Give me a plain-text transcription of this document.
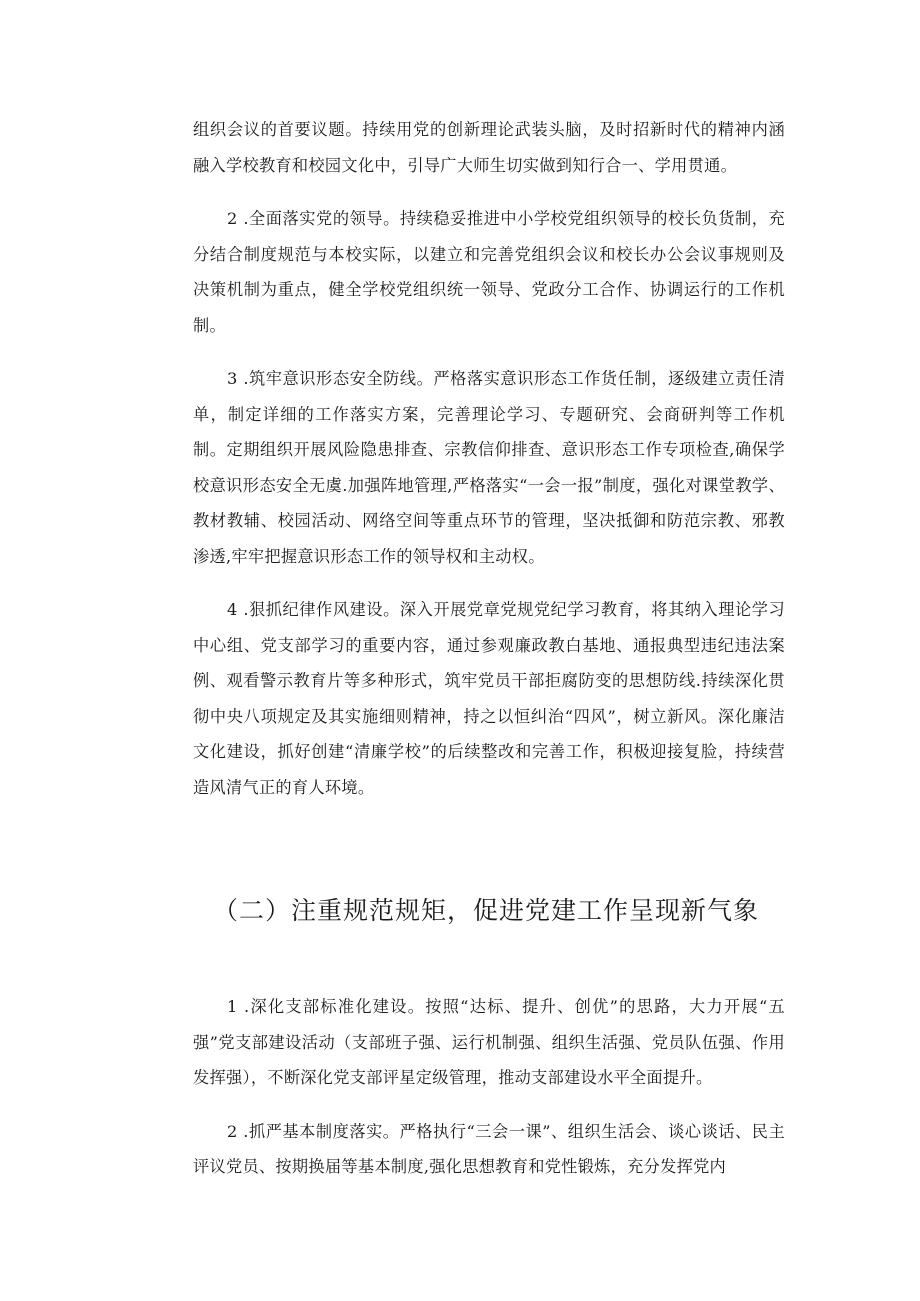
组织会议的首要议题。持续用党的创新理论武装头脑，及时招新时代的精神内涵融入学校教育和校园文化中，引导广大师生切实做到知行合一、学用贯通。

2 .全面落实党的领导。持续稳妥推进中小学校党组织领导的校长负货制，充分结合制度规范与本校实际，以建立和完善党组织会议和校长办公会议事规则及决策机制为重点，健全学校党组织统一领导、党政分工合作、协调运行的工作机制。

3 .筑牢意识形态安全防线。严格落实意识形态工作货任制，逐级建立责任清单，制定详细的工作落实方案，完善理论学习、专题研究、会商研判等工作机制。定期组织开展风险隐患排查、宗教信仰排查、意识形态工作专项检查,确保学校意识形态安全无虞.加强阵地管理,严格落实“一会一报”制度，强化对课堂教学、教材教辅、校园活动、网络空间等重点环节的管理，坚决抵御和防范宗教、邪教渗透,牢牢把握意识形态工作的领导权和主动权。

4 .狠抓纪律作风建设。深入开展党章党规党纪学习教育，将其纳入理论学习中心组、党支部学习的重要内容，通过参观廉政教白基地、通报典型违纪违法案例、观看警示教育片等多种形式，筑牢党员干部拒腐防变的思想防线.持续深化贯彻中央八项规定及其实施细则精神，持之以恒纠治“四风”，树立新风。深化廉洁文化建设，抓好创建“清廉学校”的后续整改和完善工作，积极迎接复脸，持续营造风清气正的育人环境。

（二）注重规范规矩，促进党建工作呈现新气象

1 .深化支部标准化建设。按照“达标、提升、创优”的思路，大力开展“五强”党支部建设活动（支部班子强、运行机制强、组织生活强、党员队伍强、作用发挥强），不断深化党支部评星定级管理，推动支部建设水平全面提升。

2 .抓严基本制度落实。严格执行“三会一课”、组织生活会、谈心谈话、民主评议党员、按期换届等基本制度,强化思想教育和党性锻炼，充分发挥党内
